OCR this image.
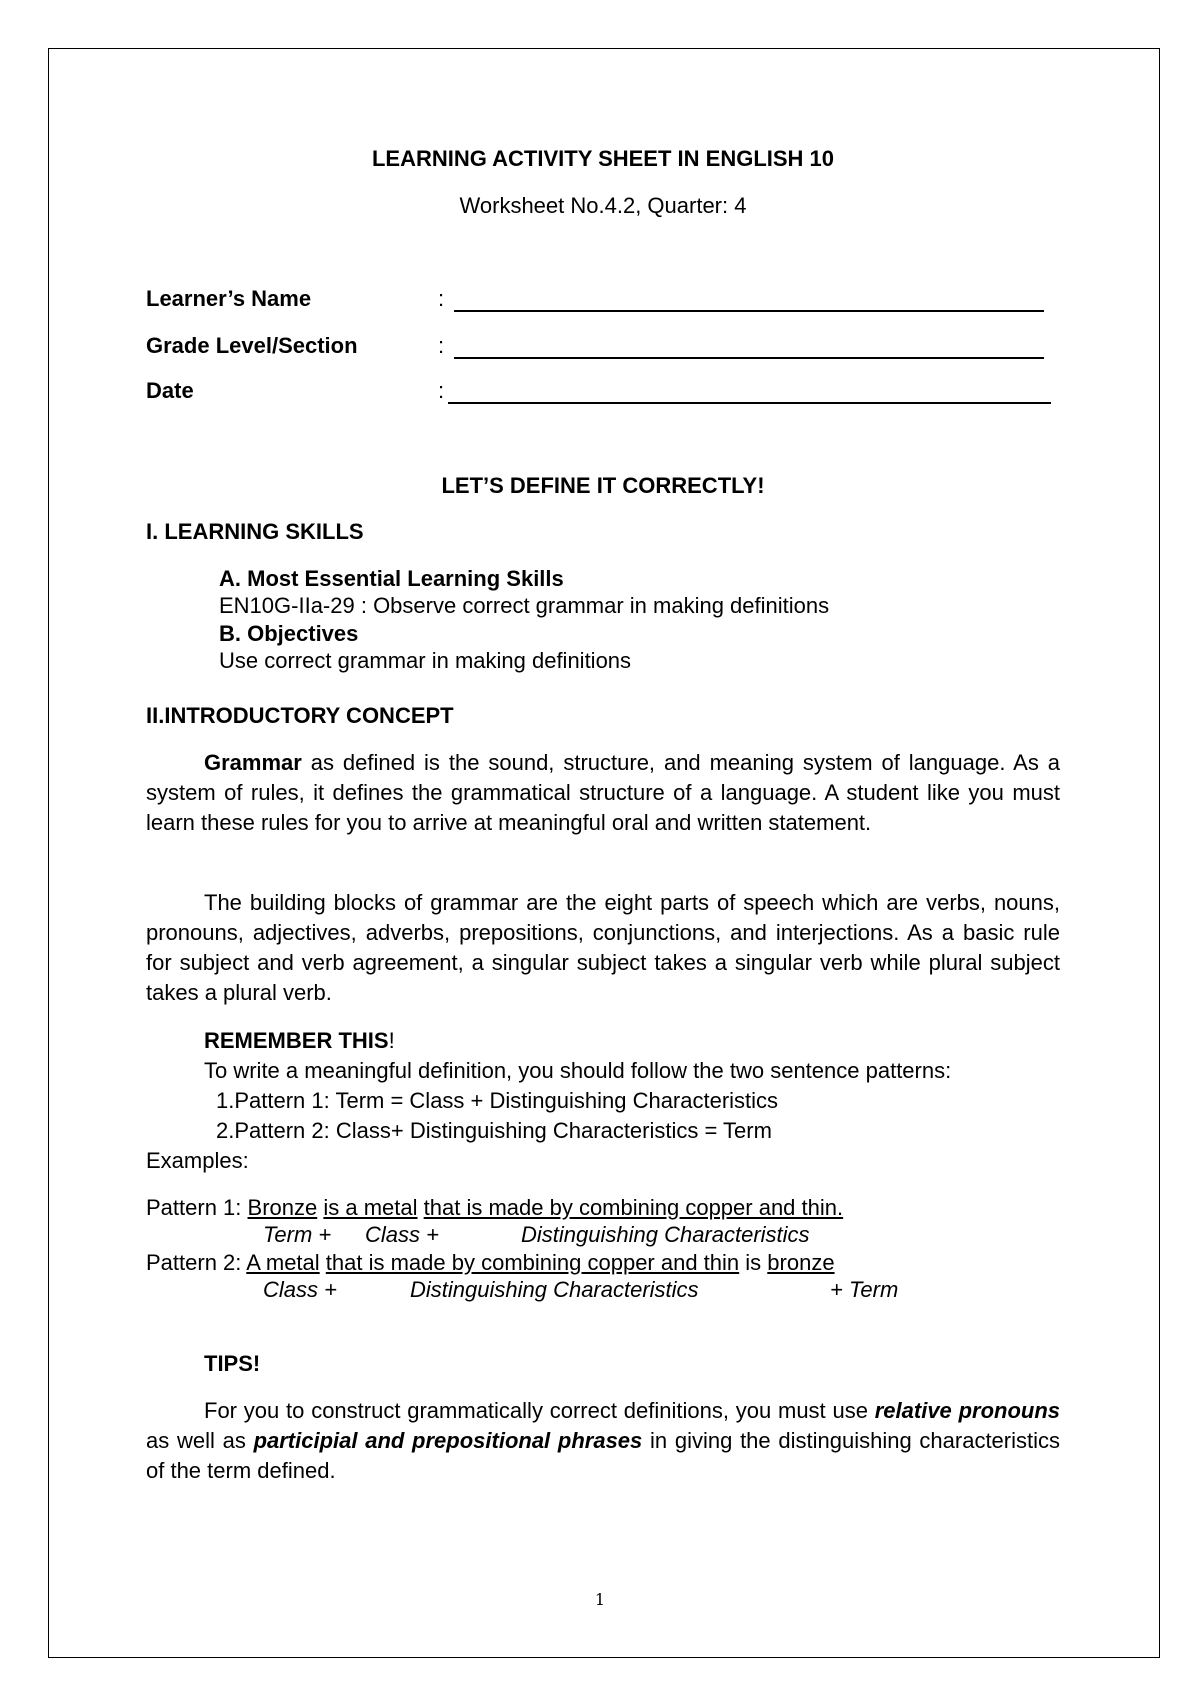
LEARNING ACTIVITY SHEET IN ENGLISH 10
Worksheet No.4.2, Quarter: 4
Learner’s Name	:
Grade Level/Section	:
Date	:
LET’S DEFINE IT CORRECTLY!
I. LEARNING SKILLS
A. Most Essential Learning Skills
EN10G-IIa-29 : Observe correct grammar in making definitions
B. Objectives
Use correct grammar in making definitions
II.INTRODUCTORY CONCEPT
Grammar as defined is the sound, structure, and meaning system of language. As a system of rules, it defines the grammatical structure of a language. A student like you must learn these rules for you to arrive at meaningful oral and written statement.
The building blocks of grammar are the eight parts of speech which are verbs, nouns, pronouns, adjectives, adverbs, prepositions, conjunctions, and interjections. As a basic rule for subject and verb agreement, a singular subject takes a singular verb while plural subject takes a plural verb.
REMEMBER THIS!
To write a meaningful definition, you should follow the two sentence patterns:
1.Pattern 1: Term = Class + Distinguishing Characteristics
2.Pattern 2: Class+ Distinguishing Characteristics = Term
Examples:
Pattern 1: Bronze is a metal that is made by combining copper and thin.
Term + Class +	Distinguishing Characteristics
Pattern 2: A metal that is made by combining copper and thin is bronze
Class +	Distinguishing Characteristics	+ Term
TIPS!
For you to construct grammatically correct definitions, you must use relative pronouns as well as participial and prepositional phrases in giving the distinguishing characteristics of the term defined.
1
